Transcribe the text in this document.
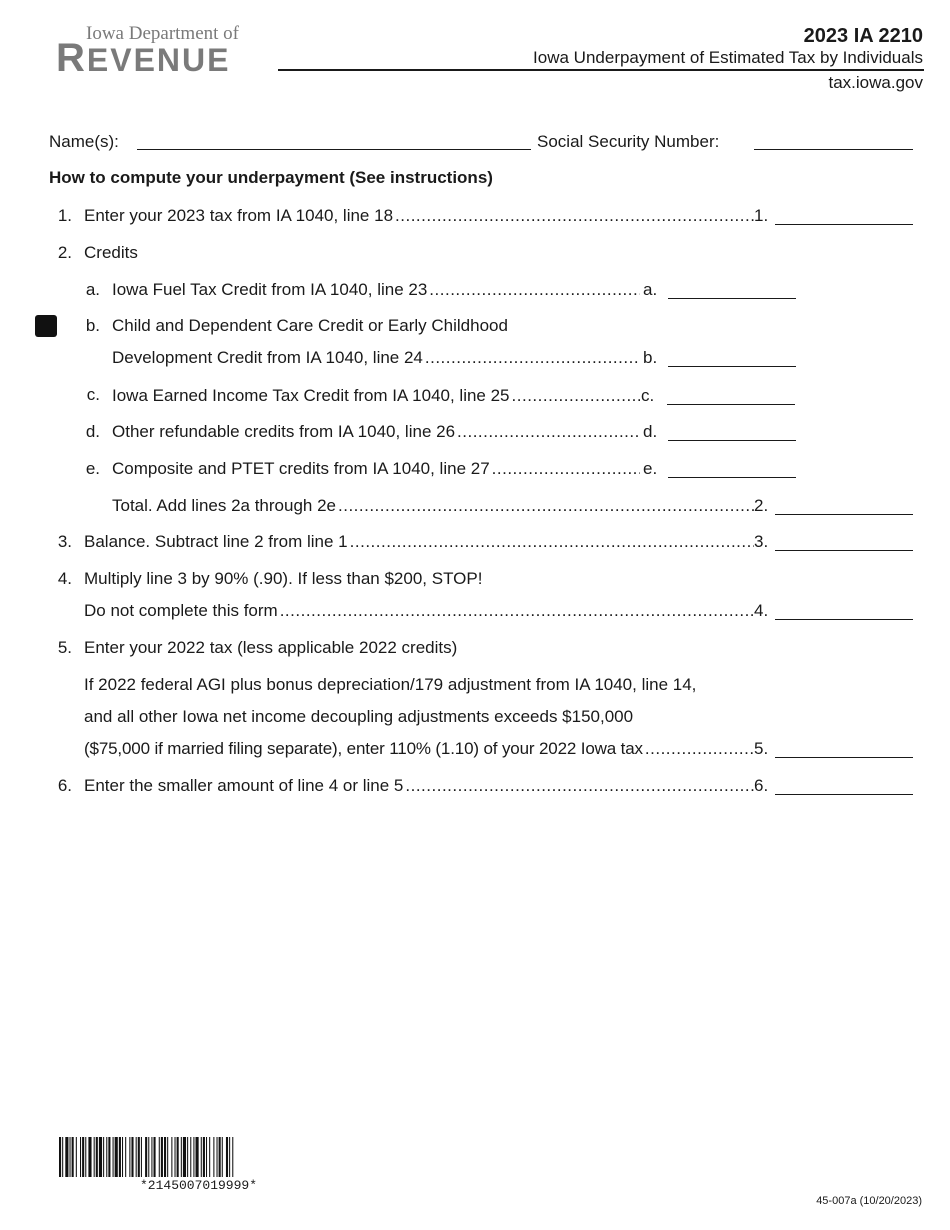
Iowa Department of
REVENUE
2023 IA 2210
Iowa Underpayment of Estimated Tax by Individuals
tax.iowa.gov
Name(s):	Social Security Number:
How to compute your underpayment (See instructions)
1. Enter your 2023 tax from IA 1040, line 18 .....	1.
2. Credits
a. Iowa Fuel Tax Credit from IA 1040, line 23 .....	a.
b. Child and Dependent Care Credit or Early Childhood
Development Credit from IA 1040, line 24 .....	b.
c. Iowa Earned Income Tax Credit from IA 1040, line 25 .....	c.
d. Other refundable credits from IA 1040, line 26 .....	d.
e. Composite and PTET credits from IA 1040, line 27 .....	e.
Total. Add lines 2a through 2e .....	2.
3. Balance. Subtract line 2 from line 1 .....	3.
4. Multiply line 3 by 90% (.90). If less than $200, STOP!
Do not complete this form .....	4.
5. Enter your 2022 tax (less applicable 2022 credits)
If 2022 federal AGI plus bonus depreciation/179 adjustment from IA 1040, line 14,
and all other Iowa net income decoupling adjustments exceeds $150,000
($75,000 if married filing separate), enter 110% (1.10) of your 2022 Iowa tax .....	5.
6. Enter the smaller amount of line 4 or line 5 .....	6.
*2145007019999*
45-007a (10/20/2023)
